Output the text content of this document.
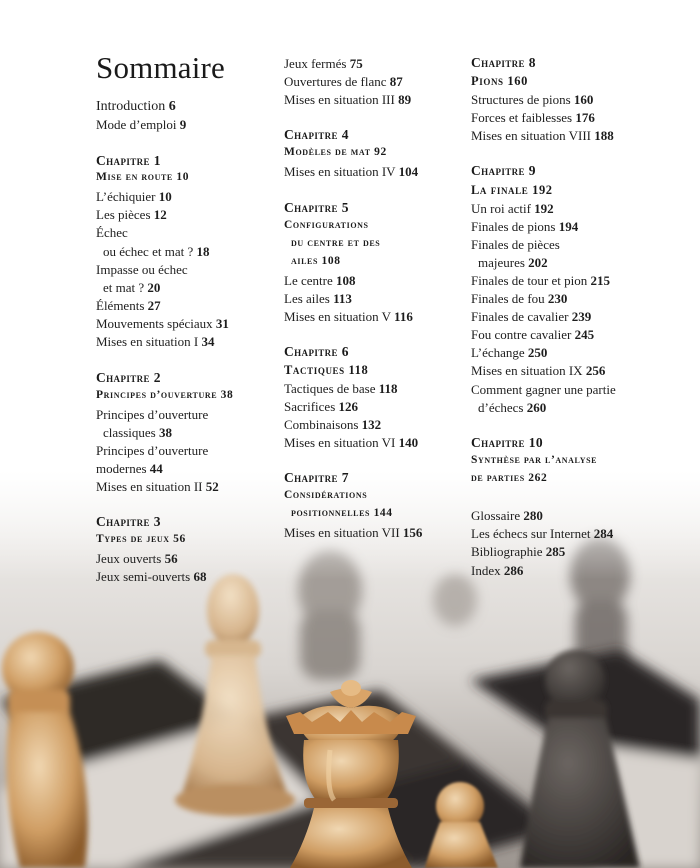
Sommaire
Introduction 6
Mode d’emploi 9
Chapitre 1
Mise en route 10
L’échiquier 10
Les pièces 12
Échec
ou échec et mat ? 18
Impasse ou échec
et mat ? 20
Éléments 27
Mouvements spéciaux 31
Mises en situation I 34
Chapitre 2
Principes d’ouverture 38
Principes d’ouverture
classiques 38
Principes d’ouverture
modernes 44
Mises en situation II 52
Chapitre 3
Types de jeux 56
Jeux ouverts 56
Jeux semi-ouverts 68
Jeux fermés 75
Ouvertures de flanc 87
Mises en situation III 89
Chapitre 4
Modèles de mat 92
Mises en situation IV 104
Chapitre 5
Configurations
du centre et des
ailes 108
Le centre 108
Les ailes 113
Mises en situation V 116
Chapitre 6
Tactiques 118
Tactiques de base 118
Sacrifices 126
Combinaisons 132
Mises en situation VI 140
Chapitre 7
Considérations
positionnelles 144
Mises en situation VII 156
Chapitre 8
Pions 160
Structures de pions 160
Forces et faiblesses 176
Mises en situation VIII 188
Chapitre 9
La finale 192
Un roi actif 192
Finales de pions 194
Finales de pièces
majeures 202
Finales de tour et pion 215
Finales de fou 230
Finales de cavalier 239
Fou contre cavalier 245
L’échange 250
Mises en situation IX 256
Comment gagner une partie
d’échecs 260
Chapitre 10
Synthèse par l’analyse
de parties 262
Glossaire 280
Les échecs sur Internet 284
Bibliographie 285
Index 286
